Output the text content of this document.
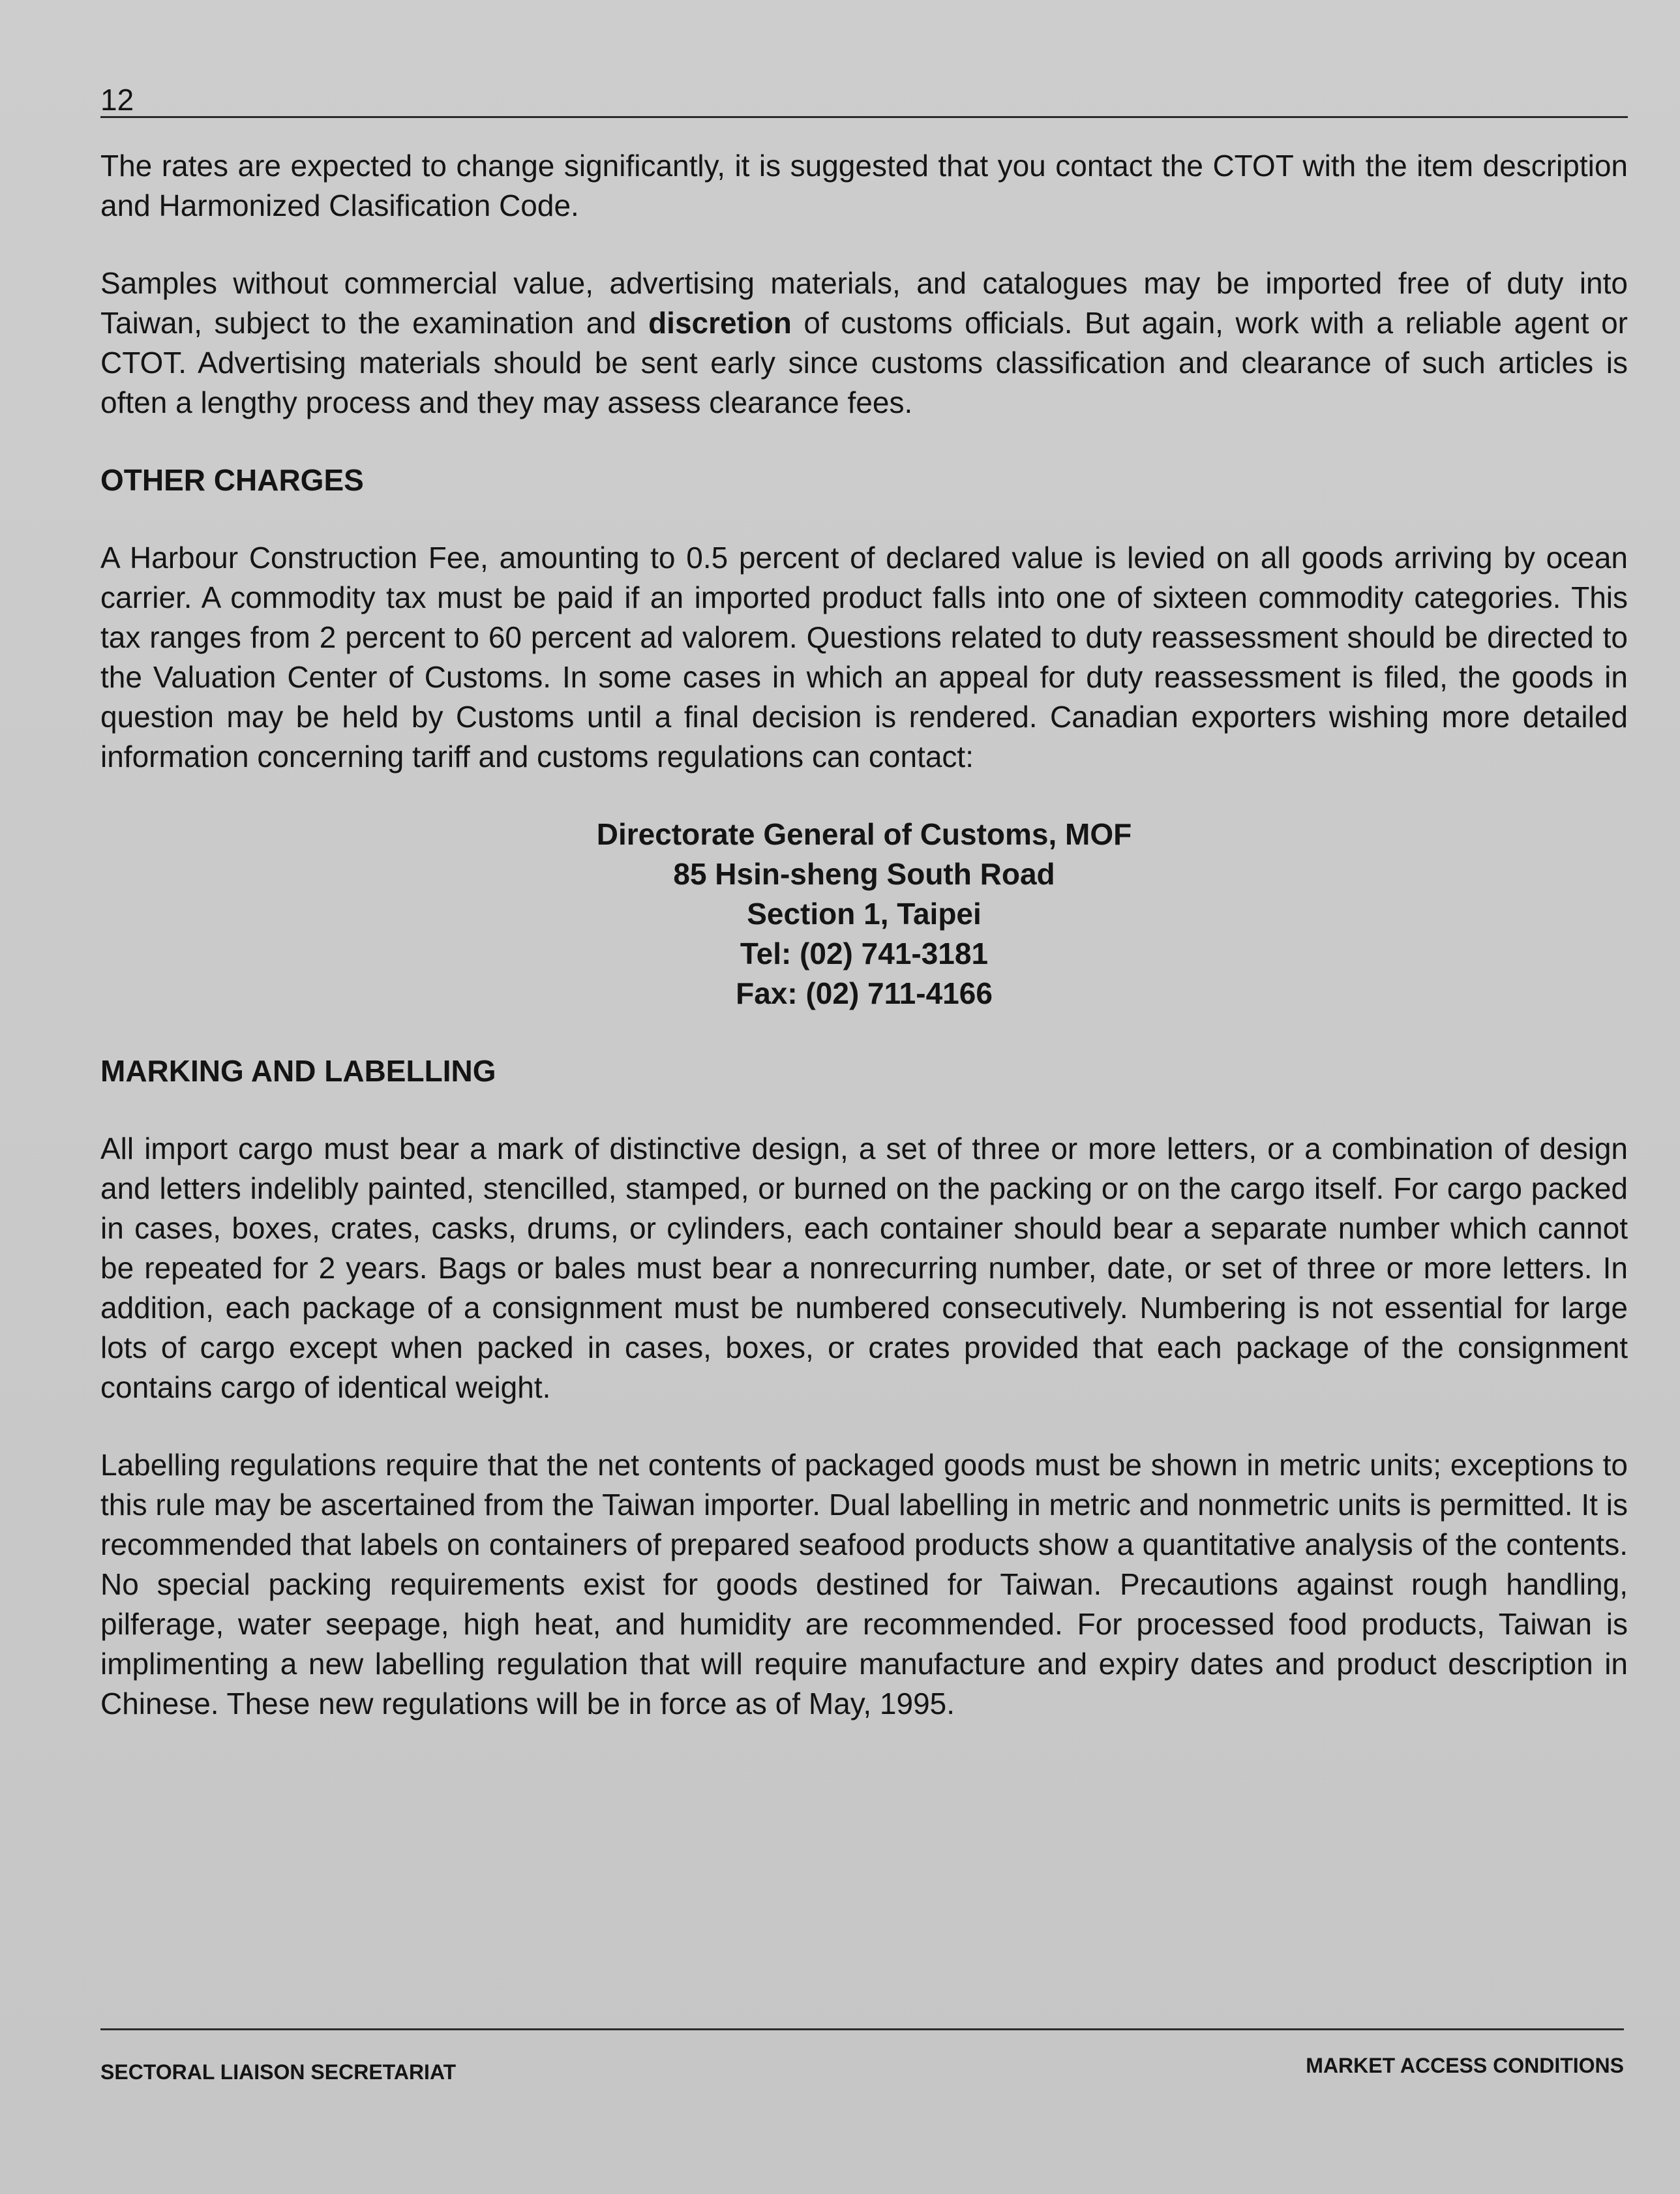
12

The rates are expected to change significantly, it is suggested that you contact the CTOT with the item description and Harmonized Clasification Code.

Samples without commercial value, advertising materials, and catalogues may be imported free of duty into Taiwan, subject to the examination and discretion of customs officials. But again, work with a reliable agent or CTOT. Advertising materials should be sent early since customs classification and clearance of such articles is often a lengthy process and they may assess clearance fees.

OTHER CHARGES

A Harbour Construction Fee, amounting to 0.5 percent of declared value is levied on all goods arriving by ocean carrier. A commodity tax must be paid if an imported product falls into one of sixteen commodity categories. This tax ranges from 2 percent to 60 percent ad valorem. Questions related to duty reassessment should be directed to the Valuation Center of Customs. In some cases in which an appeal for duty reassessment is filed, the goods in question may be held by Customs until a final decision is rendered. Canadian exporters wishing more detailed information concerning tariff and customs regulations can contact:

Directorate General of Customs, MOF
85 Hsin-sheng South Road
Section 1, Taipei
Tel: (02) 741-3181
Fax: (02) 711-4166
MARKING AND LABELLING

All import cargo must bear a mark of distinctive design, a set of three or more letters, or a combination of design and letters indelibly painted, stencilled, stamped, or burned on the packing or on the cargo itself. For cargo packed in cases, boxes, crates, casks, drums, or cylinders, each container should bear a separate number which cannot be repeated for 2 years. Bags or bales must bear a nonrecurring number, date, or set of three or more letters. In addition, each package of a consignment must be numbered consecutively. Numbering is not essential for large lots of cargo except when packed in cases, boxes, or crates provided that each package of the consignment contains cargo of identical weight.

Labelling regulations require that the net contents of packaged goods must be shown in metric units; exceptions to this rule may be ascertained from the Taiwan importer. Dual labelling in metric and nonmetric units is permitted. It is recommended that labels on containers of prepared seafood products show a quantitative analysis of the contents. No special packing requirements exist for goods destined for Taiwan. Precautions against rough handling, pilferage, water seepage, high heat, and humidity are recommended. For processed food products, Taiwan is implimenting a new labelling regulation that will require manufacture and expiry dates and product description in Chinese. These new regulations will be in force as of May, 1995.

SECTORAL LIAISON SECRETARIAT	MARKET ACCESS CONDITIONS
